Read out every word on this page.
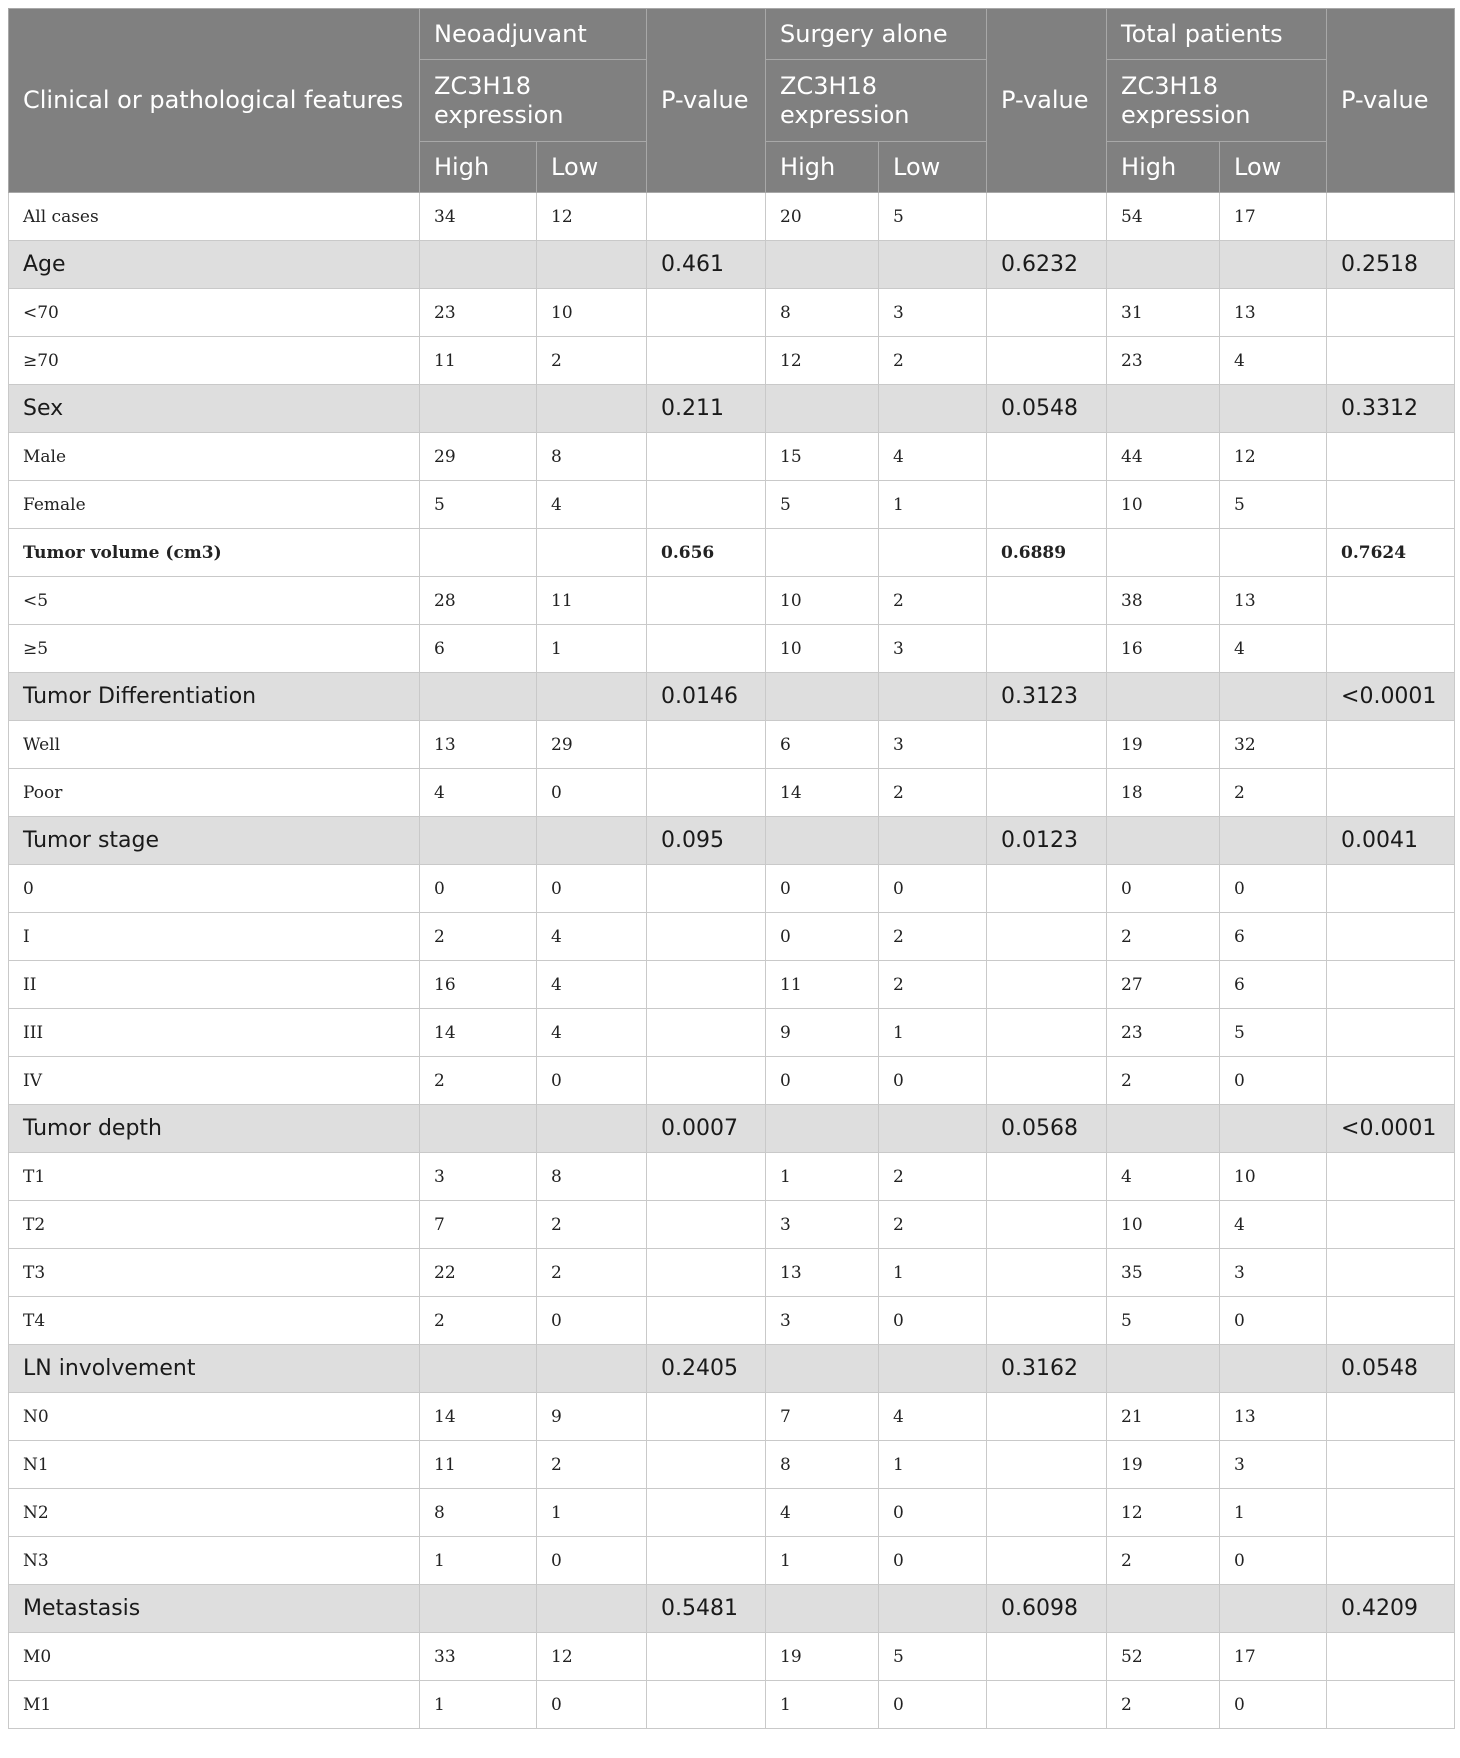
Clinical or pathological features	Neoadjuvant		P-value	Surgery alone		P-value	Total patients		P-value
	ZC3H18 expression			ZC3H18 expression			ZC3H18 expression		
	High	Low		High	Low		High	Low	
All cases	34	12		20	5		54	17	
Age			0.461			0.6232			0.2518
<70	23	10		8	3		31	13	
≥70	11	2		12	2		23	4	
Sex			0.211			0.0548			0.3312
Male	29	8		15	4		44	12	
Female	5	4		5	1		10	5	
Tumor volume (cm3)			0.656			0.6889			0.7624
<5	28	11		10	2		38	13	
≥5	6	1		10	3		16	4	
Tumor Differentiation			0.0146			0.3123			<0.0001
Well	13	29		6	3		19	32	
Poor	4	0		14	2		18	2	
Tumor stage			0.095			0.0123			0.0041
0	0	0		0	0		0	0	
I	2	4		0	2		2	6	
II	16	4		11	2		27	6	
III	14	4		9	1		23	5	
IV	2	0		0	0		2	0	
Tumor depth			0.0007			0.0568			<0.0001
T1	3	8		1	2		4	10	
T2	7	2		3	2		10	4	
T3	22	2		13	1		35	3	
T4	2	0		3	0		5	0	
LN involvement			0.2405			0.3162			0.0548
N0	14	9		7	4		21	13	
N1	11	2		8	1		19	3	
N2	8	1		4	0		12	1	
N3	1	0		1	0		2	0	
Metastasis			0.5481			0.6098			0.4209
M0	33	12		19	5		52	17	
M1	1	0		1	0		2	0	
